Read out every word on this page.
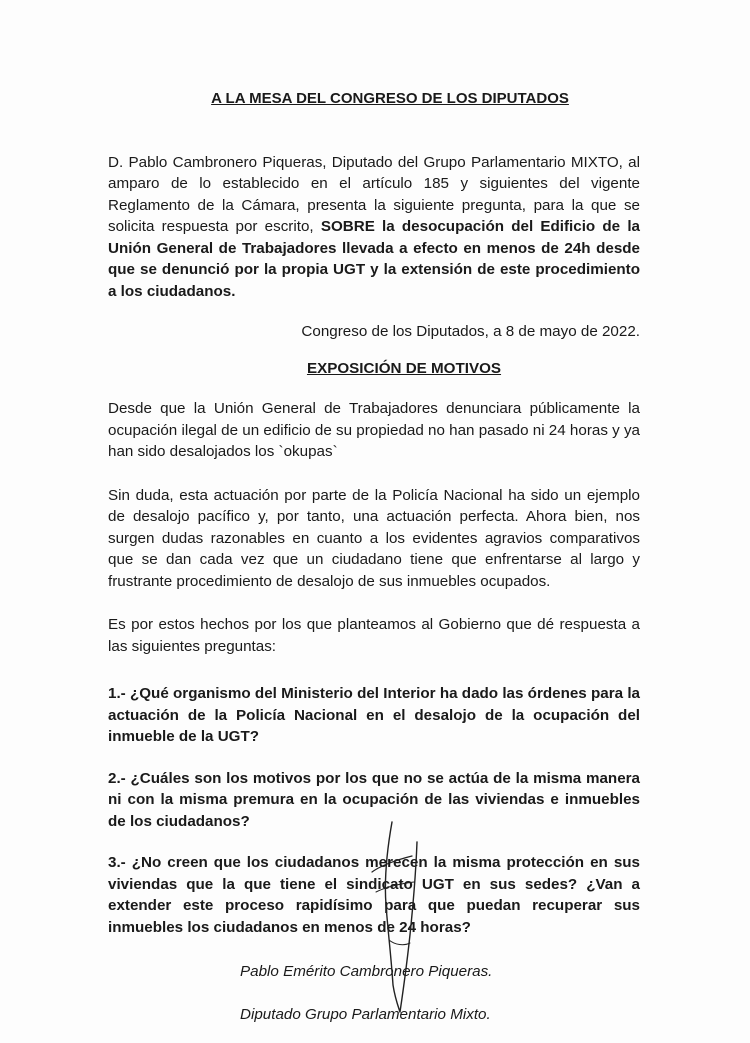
A LA MESA DEL CONGRESO DE LOS DIPUTADOS

D. Pablo Cambronero Piqueras, Diputado del Grupo Parlamentario MIXTO, al amparo de lo establecido en el artículo 185 y siguientes del vigente Reglamento de la Cámara, presenta la siguiente pregunta, para la que se solicita respuesta por escrito, SOBRE la desocupación del Edificio de la Unión General de Trabajadores llevada a efecto en menos de 24h desde que se denunció por la propia UGT y la extensión de este procedimiento a los ciudadanos.

Congreso de los Diputados, a 8 de mayo de 2022.

EXPOSICIÓN DE MOTIVOS

Desde que la Unión General de Trabajadores denunciara públicamente la ocupación ilegal de un edificio de su propiedad no han pasado ni 24 horas y ya han sido desalojados los `okupas`

Sin duda, esta actuación por parte de la Policía Nacional ha sido un ejemplo de desalojo pacífico y, por tanto, una actuación perfecta. Ahora bien, nos surgen dudas razonables en cuanto a los evidentes agravios comparativos que se dan cada vez que un ciudadano tiene que enfrentarse al largo y frustrante procedimiento de desalojo de sus inmuebles ocupados.

Es por estos hechos por los que planteamos al Gobierno que dé respuesta a las siguientes preguntas:

1.- ¿Qué organismo del Ministerio del Interior ha dado las órdenes para la actuación de la Policía Nacional en el desalojo de la ocupación del inmueble de la UGT?

2.- ¿Cuáles son los motivos por los que no se actúa de la misma manera ni con la misma premura en la ocupación de las viviendas e inmuebles de los ciudadanos?

3.- ¿No creen que los ciudadanos merecen la misma protección en sus viviendas que la que tiene el sindicato UGT en sus sedes? ¿Van a extender este proceso rapidísimo para que puedan recuperar sus inmuebles los ciudadanos en menos de 24 horas?

Pablo Emérito Cambronero Piqueras.

Diputado Grupo Parlamentario Mixto.
